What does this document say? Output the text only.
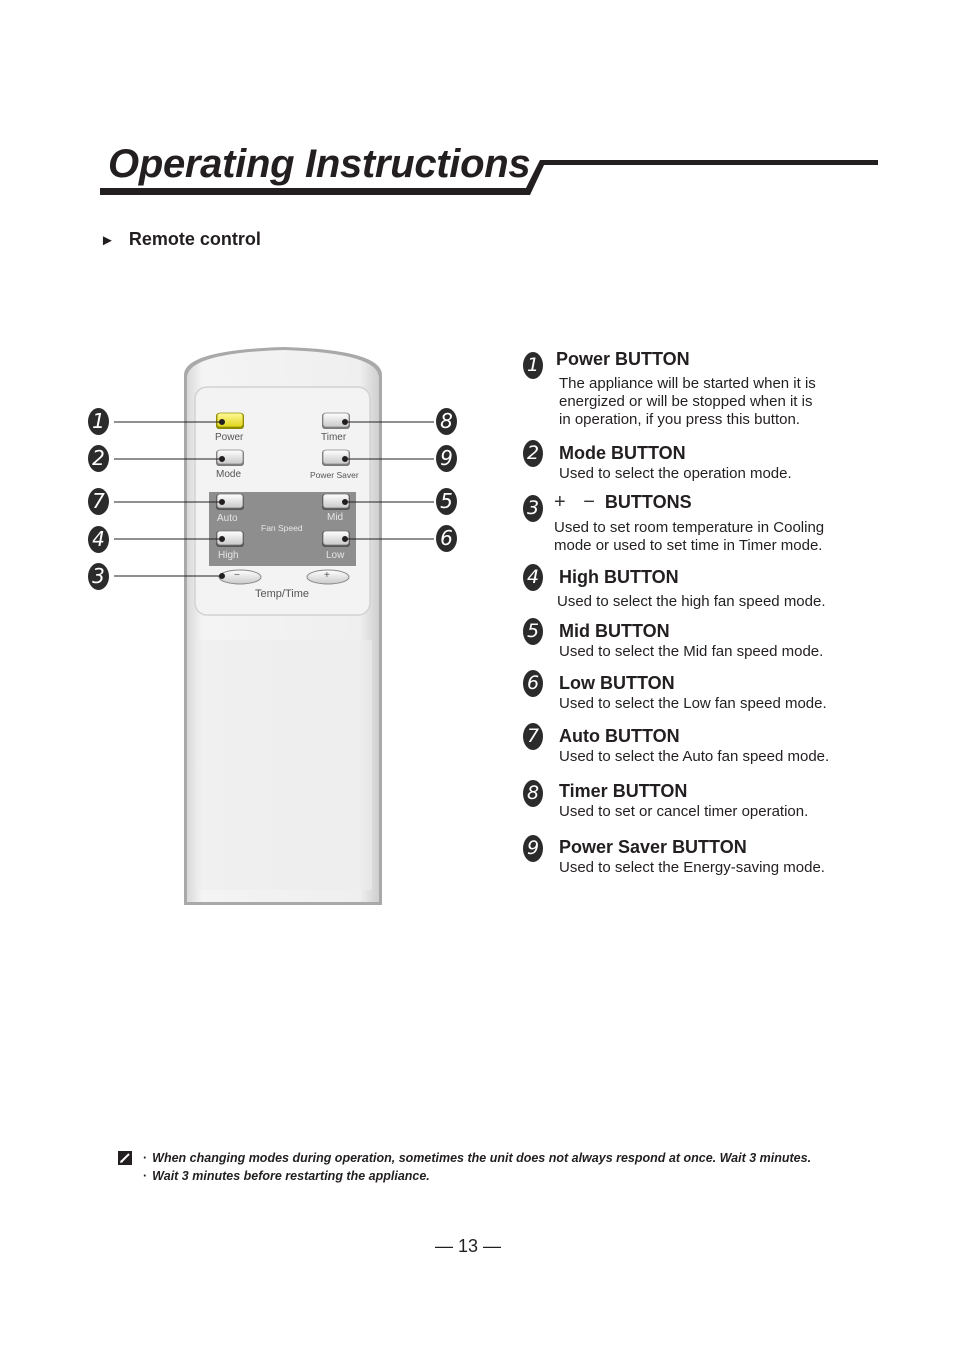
Operating Instructions
► Remote control
Power	Timer
Mode	Power Saver
Auto	Mid
Fan Speed
High	Low
−	+
Temp/Time
1
2
7
4
3
8
9
5
6
1 Power BUTTON
The appliance will be started when it is
energized or will be stopped when it is
in operation, if you press this button.
2 Mode BUTTON
Used to select the operation mode.
3 + − BUTTONS
Used to set room temperature in Cooling
mode or used to set time in Timer mode.
4 High BUTTON
Used to select the high fan speed mode.
5 Mid BUTTON
Used to select the Mid fan speed mode.
6 Low BUTTON
Used to select the Low fan speed mode.
7 Auto BUTTON
Used to select the Auto fan speed mode.
8 Timer BUTTON
Used to set or cancel timer operation.
9 Power Saver BUTTON
Used to select the Energy-saving mode.
· When changing modes during operation, sometimes the unit does not always respond at once. Wait 3 minutes.
· Wait 3 minutes before restarting the appliance.
— 13 —
